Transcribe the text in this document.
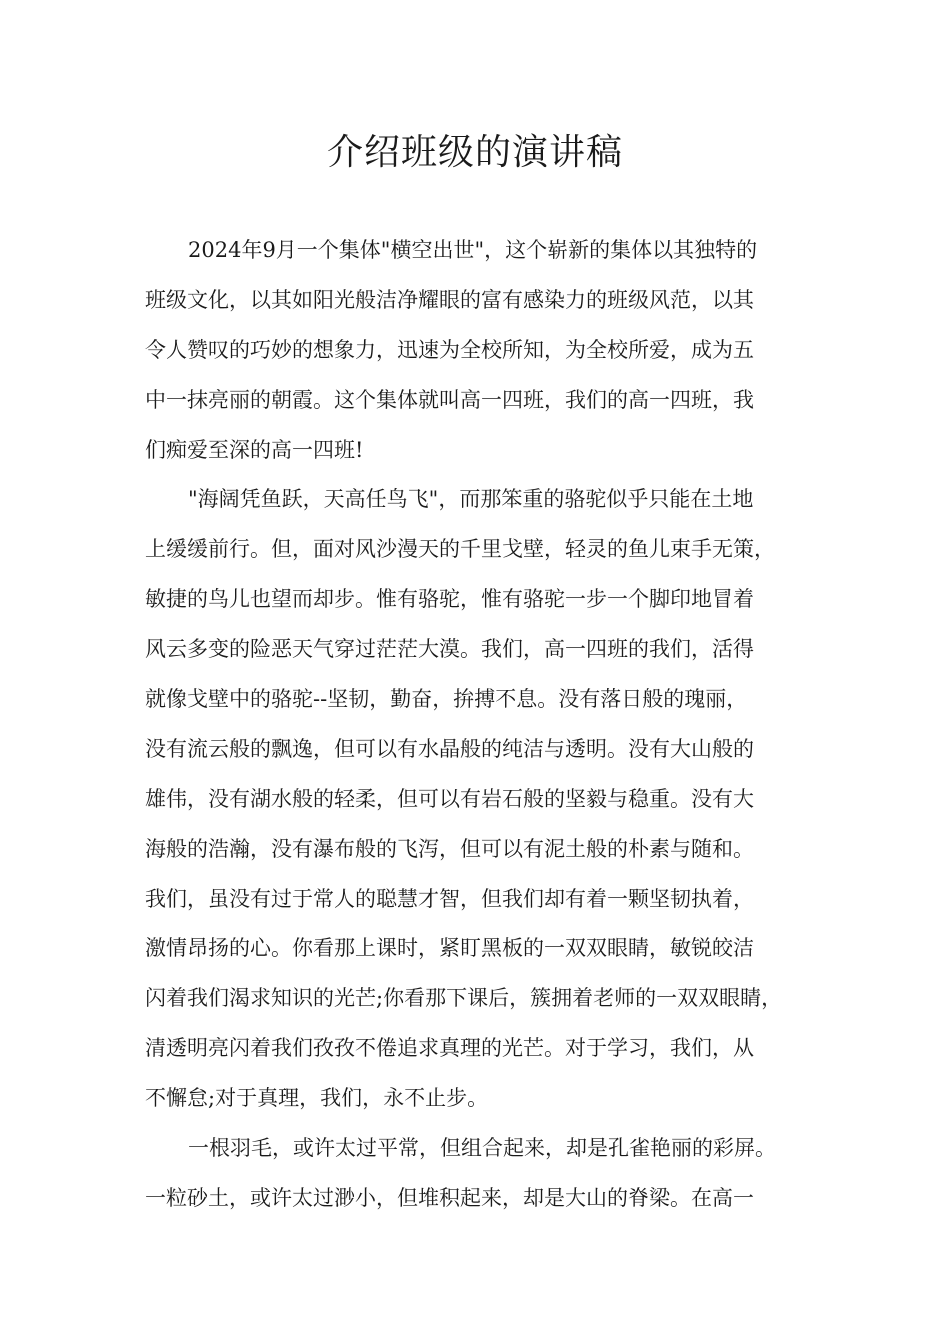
介绍班级的演讲稿
2024年9月一个集体"横空出世"，这个崭新的集体以其独特的
班级文化，以其如阳光般洁净耀眼的富有感染力的班级风范，以其
令人赞叹的巧妙的想象力，迅速为全校所知，为全校所爱，成为五
中一抹亮丽的朝霞。这个集体就叫高一四班，我们的高一四班，我
们痴爱至深的高一四班!
"海阔凭鱼跃，天高任鸟飞"，而那笨重的骆驼似乎只能在土地
上缓缓前行。但，面对风沙漫天的千里戈壁，轻灵的鱼儿束手无策，
敏捷的鸟儿也望而却步。惟有骆驼，惟有骆驼一步一个脚印地冒着
风云多变的险恶天气穿过茫茫大漠。我们，高一四班的我们，活得
就像戈壁中的骆驼--坚韧，勤奋，拚搏不息。没有落日般的瑰丽，
没有流云般的飘逸，但可以有水晶般的纯洁与透明。没有大山般的
雄伟，没有湖水般的轻柔，但可以有岩石般的坚毅与稳重。没有大
海般的浩瀚，没有瀑布般的飞泻，但可以有泥土般的朴素与随和。
我们，虽没有过于常人的聪慧才智，但我们却有着一颗坚韧执着，
激情昂扬的心。你看那上课时，紧盯黑板的一双双眼睛，敏锐皎洁
闪着我们渴求知识的光芒;你看那下课后，簇拥着老师的一双双眼睛，
清透明亮闪着我们孜孜不倦追求真理的光芒。对于学习，我们，从
不懈怠;对于真理，我们，永不止步。
一根羽毛，或许太过平常，但组合起来，却是孔雀艳丽的彩屏。
一粒砂土，或许太过渺小，但堆积起来，却是大山的脊梁。在高一
